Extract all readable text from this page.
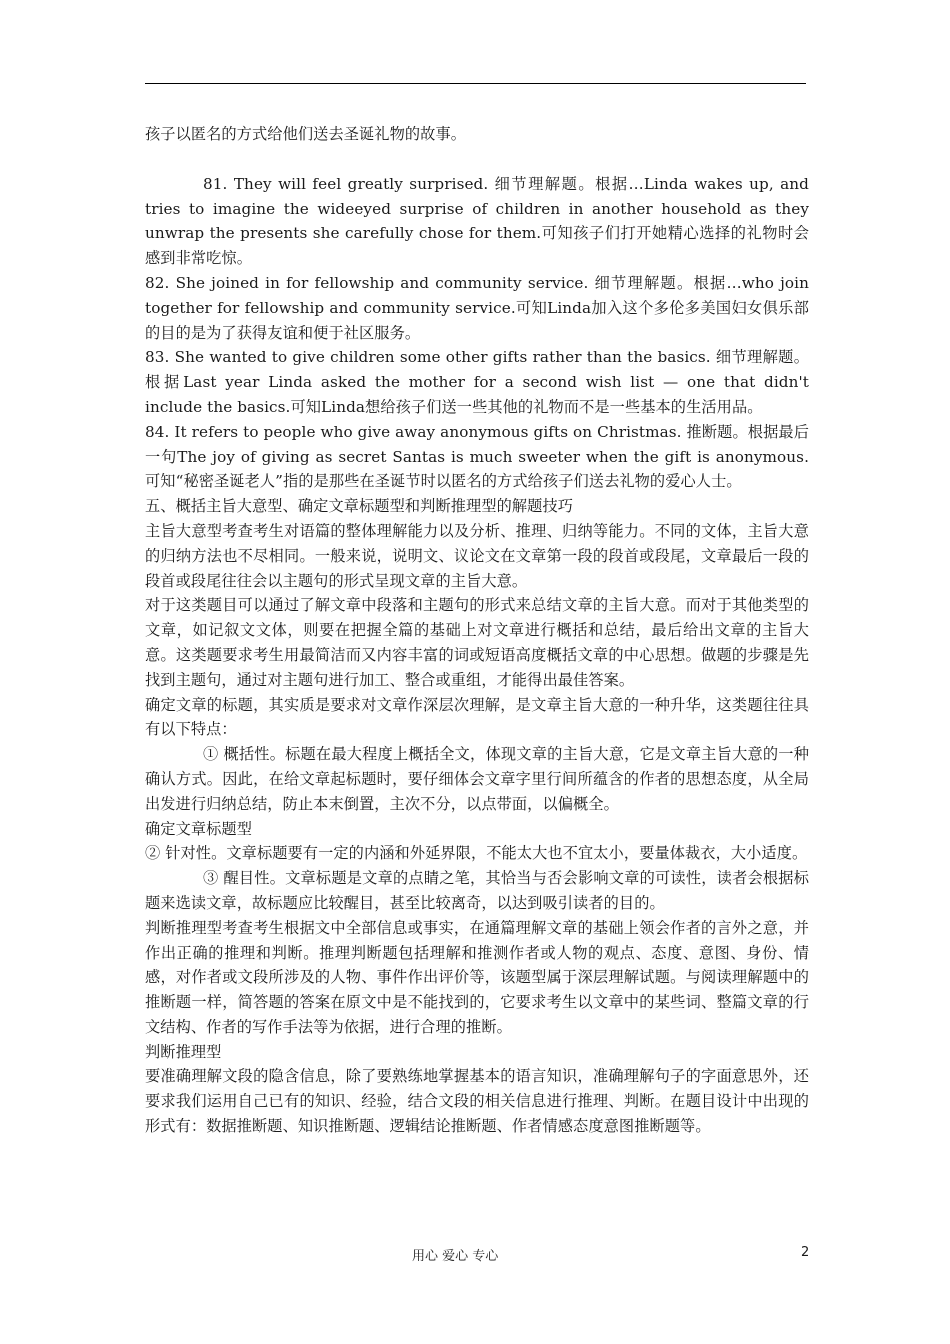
孩子以匿名的方式给他们送去圣诞礼物的故事。

81. They will feel greatly surprised. 细节理解题。根据…Linda wakes up, and tries to imagine the wideeyed surprise of children in another household as they unwrap the presents she carefully chose for them.可知孩子们打开她精心选择的礼物时会感到非常吃惊。

82. She joined in for fellowship and community service. 细节理解题。根据…who join together for fellowship and community service.可知Linda加入这个多伦多美国妇女俱乐部的目的是为了获得友谊和便于社区服务。

83. She wanted to give children some other gifts rather than the basics. 细节理解题。根据Last year Linda asked the mother for a second wish list — one that didn't include the basics.可知Linda想给孩子们送一些其他的礼物而不是一些基本的生活用品。

84. It refers to people who give away anonymous gifts on Christmas. 推断题。根据最后一句The joy of giving as secret Santas is much sweeter when the gift is anonymous.可知“秘密圣诞老人”指的是那些在圣诞节时以匿名的方式给孩子们送去礼物的爱心人士。

五、概括主旨大意型、确定文章标题型和判断推理型的解题技巧

主旨大意型考查考生对语篇的整体理解能力以及分析、推理、归纳等能力。不同的文体，主旨大意的归纳方法也不尽相同。一般来说，说明文、议论文在文章第一段的段首或段尾，文章最后一段的段首或段尾往往会以主题句的形式呈现文章的主旨大意。

对于这类题目可以通过了解文章中段落和主题句的形式来总结文章的主旨大意。而对于其他类型的文章，如记叙文文体，则要在把握全篇的基础上对文章进行概括和总结，最后给出文章的主旨大意。这类题要求考生用最简洁而又内容丰富的词或短语高度概括文章的中心思想。做题的步骤是先找到主题句，通过对主题句进行加工、整合或重组，才能得出最佳答案。

确定文章的标题，其实质是要求对文章作深层次理解，是文章主旨大意的一种升华，这类题往往具有以下特点：

① 概括性。标题在最大程度上概括全文，体现文章的主旨大意，它是文章主旨大意的一种确认方式。因此，在给文章起标题时，要仔细体会文章字里行间所蕴含的作者的思想态度，从全局出发进行归纳总结，防止本末倒置，主次不分，以点带面，以偏概全。

确定文章标题型

② 针对性。文章标题要有一定的内涵和外延界限，不能太大也不宜太小，要量体裁衣，大小适度。

③ 醒目性。文章标题是文章的点睛之笔，其恰当与否会影响文章的可读性，读者会根据标题来选读文章，故标题应比较醒目，甚至比较离奇，以达到吸引读者的目的。

判断推理型考查考生根据文中全部信息或事实，在通篇理解文章的基础上领会作者的言外之意，并作出正确的推理和判断。推理判断题包括理解和推测作者或人物的观点、态度、意图、身份、情感，对作者或文段所涉及的人物、事件作出评价等，该题型属于深层理解试题。与阅读理解题中的推断题一样，简答题的答案在原文中是不能找到的，它要求考生以文章中的某些词、整篇文章的行文结构、作者的写作手法等为依据，进行合理的推断。

判断推理型

要准确理解文段的隐含信息，除了要熟练地掌握基本的语言知识，准确理解句子的字面意思外，还要求我们运用自己已有的知识、经验，结合文段的相关信息进行推理、判断。在题目设计中出现的形式有：数据推断题、知识推断题、逻辑结论推断题、作者情感态度意图推断题等。

用心 爱心 专心	2
